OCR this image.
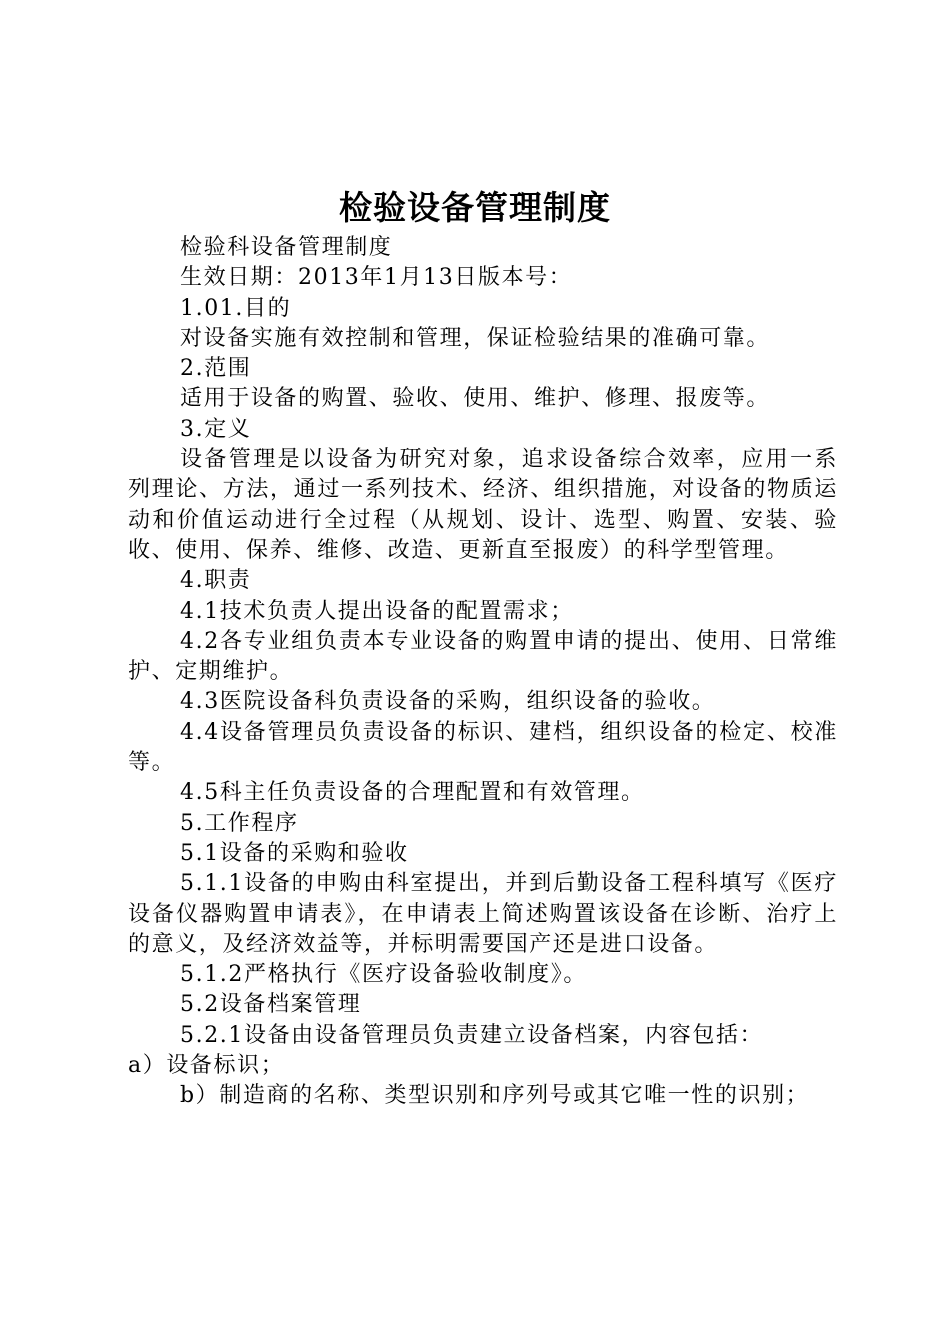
检验设备管理制度

检验科设备管理制度

生效日期：2013年1月13日版本号：

1.01.目的

对设备实施有效控制和管理，保证检验结果的准确可靠。

2.范围

适用于设备的购置、验收、使用、维护、修理、报废等。

3.定义

设备管理是以设备为研究对象，追求设备综合效率，应用一系列理论、方法，通过一系列技术、经济、组织措施，对设备的物质运动和价值运动进行全过程（从规划、设计、选型、购置、安装、验收、使用、保养、维修、改造、更新直至报废）的科学型管理。

4.职责

4.1技术负责人提出设备的配置需求；

4.2各专业组负责本专业设备的购置申请的提出、使用、日常维护、定期维护。

4.3医院设备科负责设备的采购，组织设备的验收。

4.4设备管理员负责设备的标识、建档，组织设备的检定、校准等。

4.5科主任负责设备的合理配置和有效管理。

5.工作程序

5.1设备的采购和验收

5.1.1设备的申购由科室提出，并到后勤设备工程科填写《医疗设备仪器购置申请表》，在申请表上简述购置该设备在诊断、治疗上的意义，及经济效益等，并标明需要国产还是进口设备。

5.1.2严格执行《医疗设备验收制度》。

5.2设备档案管理

5.2.1设备由设备管理员负责建立设备档案，内容包括：

a）设备标识；

b）制造商的名称、类型识别和序列号或其它唯一性的识别；
